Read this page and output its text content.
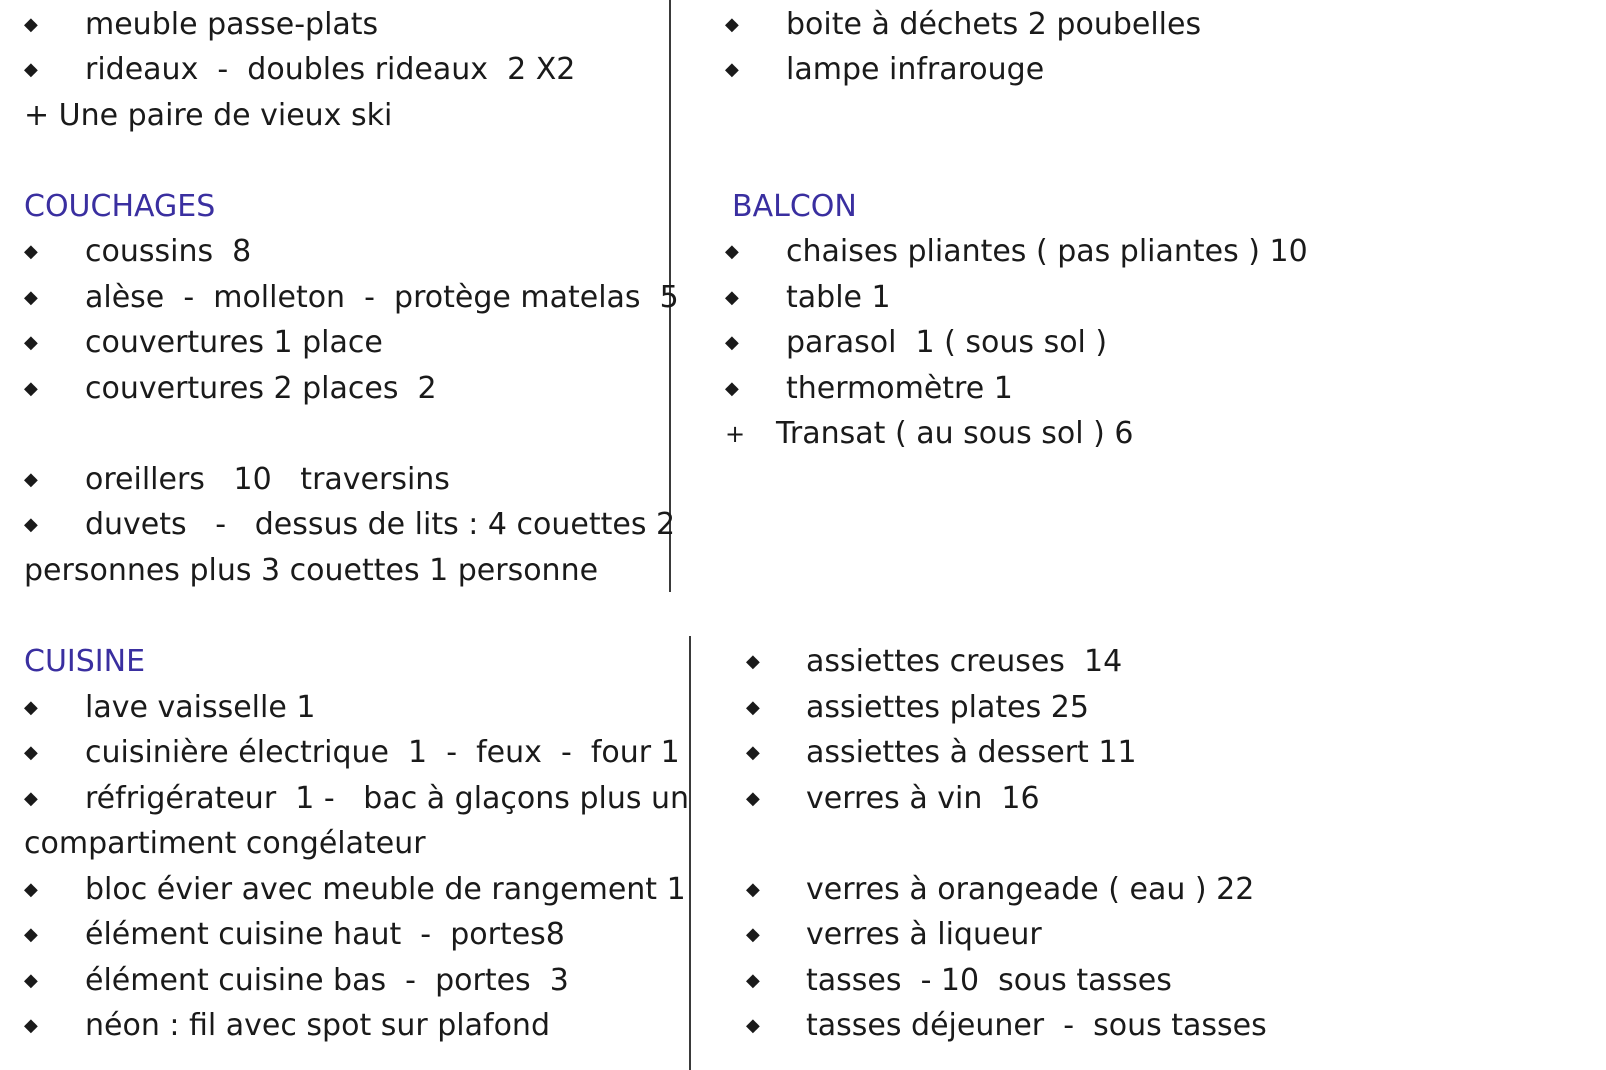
◆ meuble passe-plats
◆ rideaux  -  doubles rideaux  2 X2
+ Une paire de vieux ski
◆ boite à déchets 2 poubelles
◆ lampe infrarouge
COUCHAGES
◆ coussins  8
◆ alèse  -  molleton  -  protège matelas  5
◆ couvertures 1 place
◆ couvertures 2 places  2
◆ oreillers   10   traversins
◆ duvets   -   dessus de lits : 4 couettes 2
personnes plus 3 couettes 1 personne
BALCON
◆ chaises pliantes ( pas pliantes ) 10
◆ table 1
◆ parasol  1 ( sous sol )
◆ thermomètre 1
+ Transat ( au sous sol ) 6
CUISINE
◆ lave vaisselle 1
◆ cuisinière électrique  1  -  feux  -  four 1
◆ réfrigérateur  1 -   bac à glaçons plus un
compartiment congélateur
◆ bloc évier avec meuble de rangement 1
◆ élément cuisine haut  -  portes8
◆ élément cuisine bas  -  portes  3
◆ néon : fil avec spot sur plafond
◆ assiettes creuses  14
◆ assiettes plates 25
◆ assiettes à dessert 11
◆ verres à vin  16
◆ verres à orangeade ( eau ) 22
◆ verres à liqueur
◆ tasses  - 10  sous tasses
◆ tasses déjeuner  -  sous tasses
